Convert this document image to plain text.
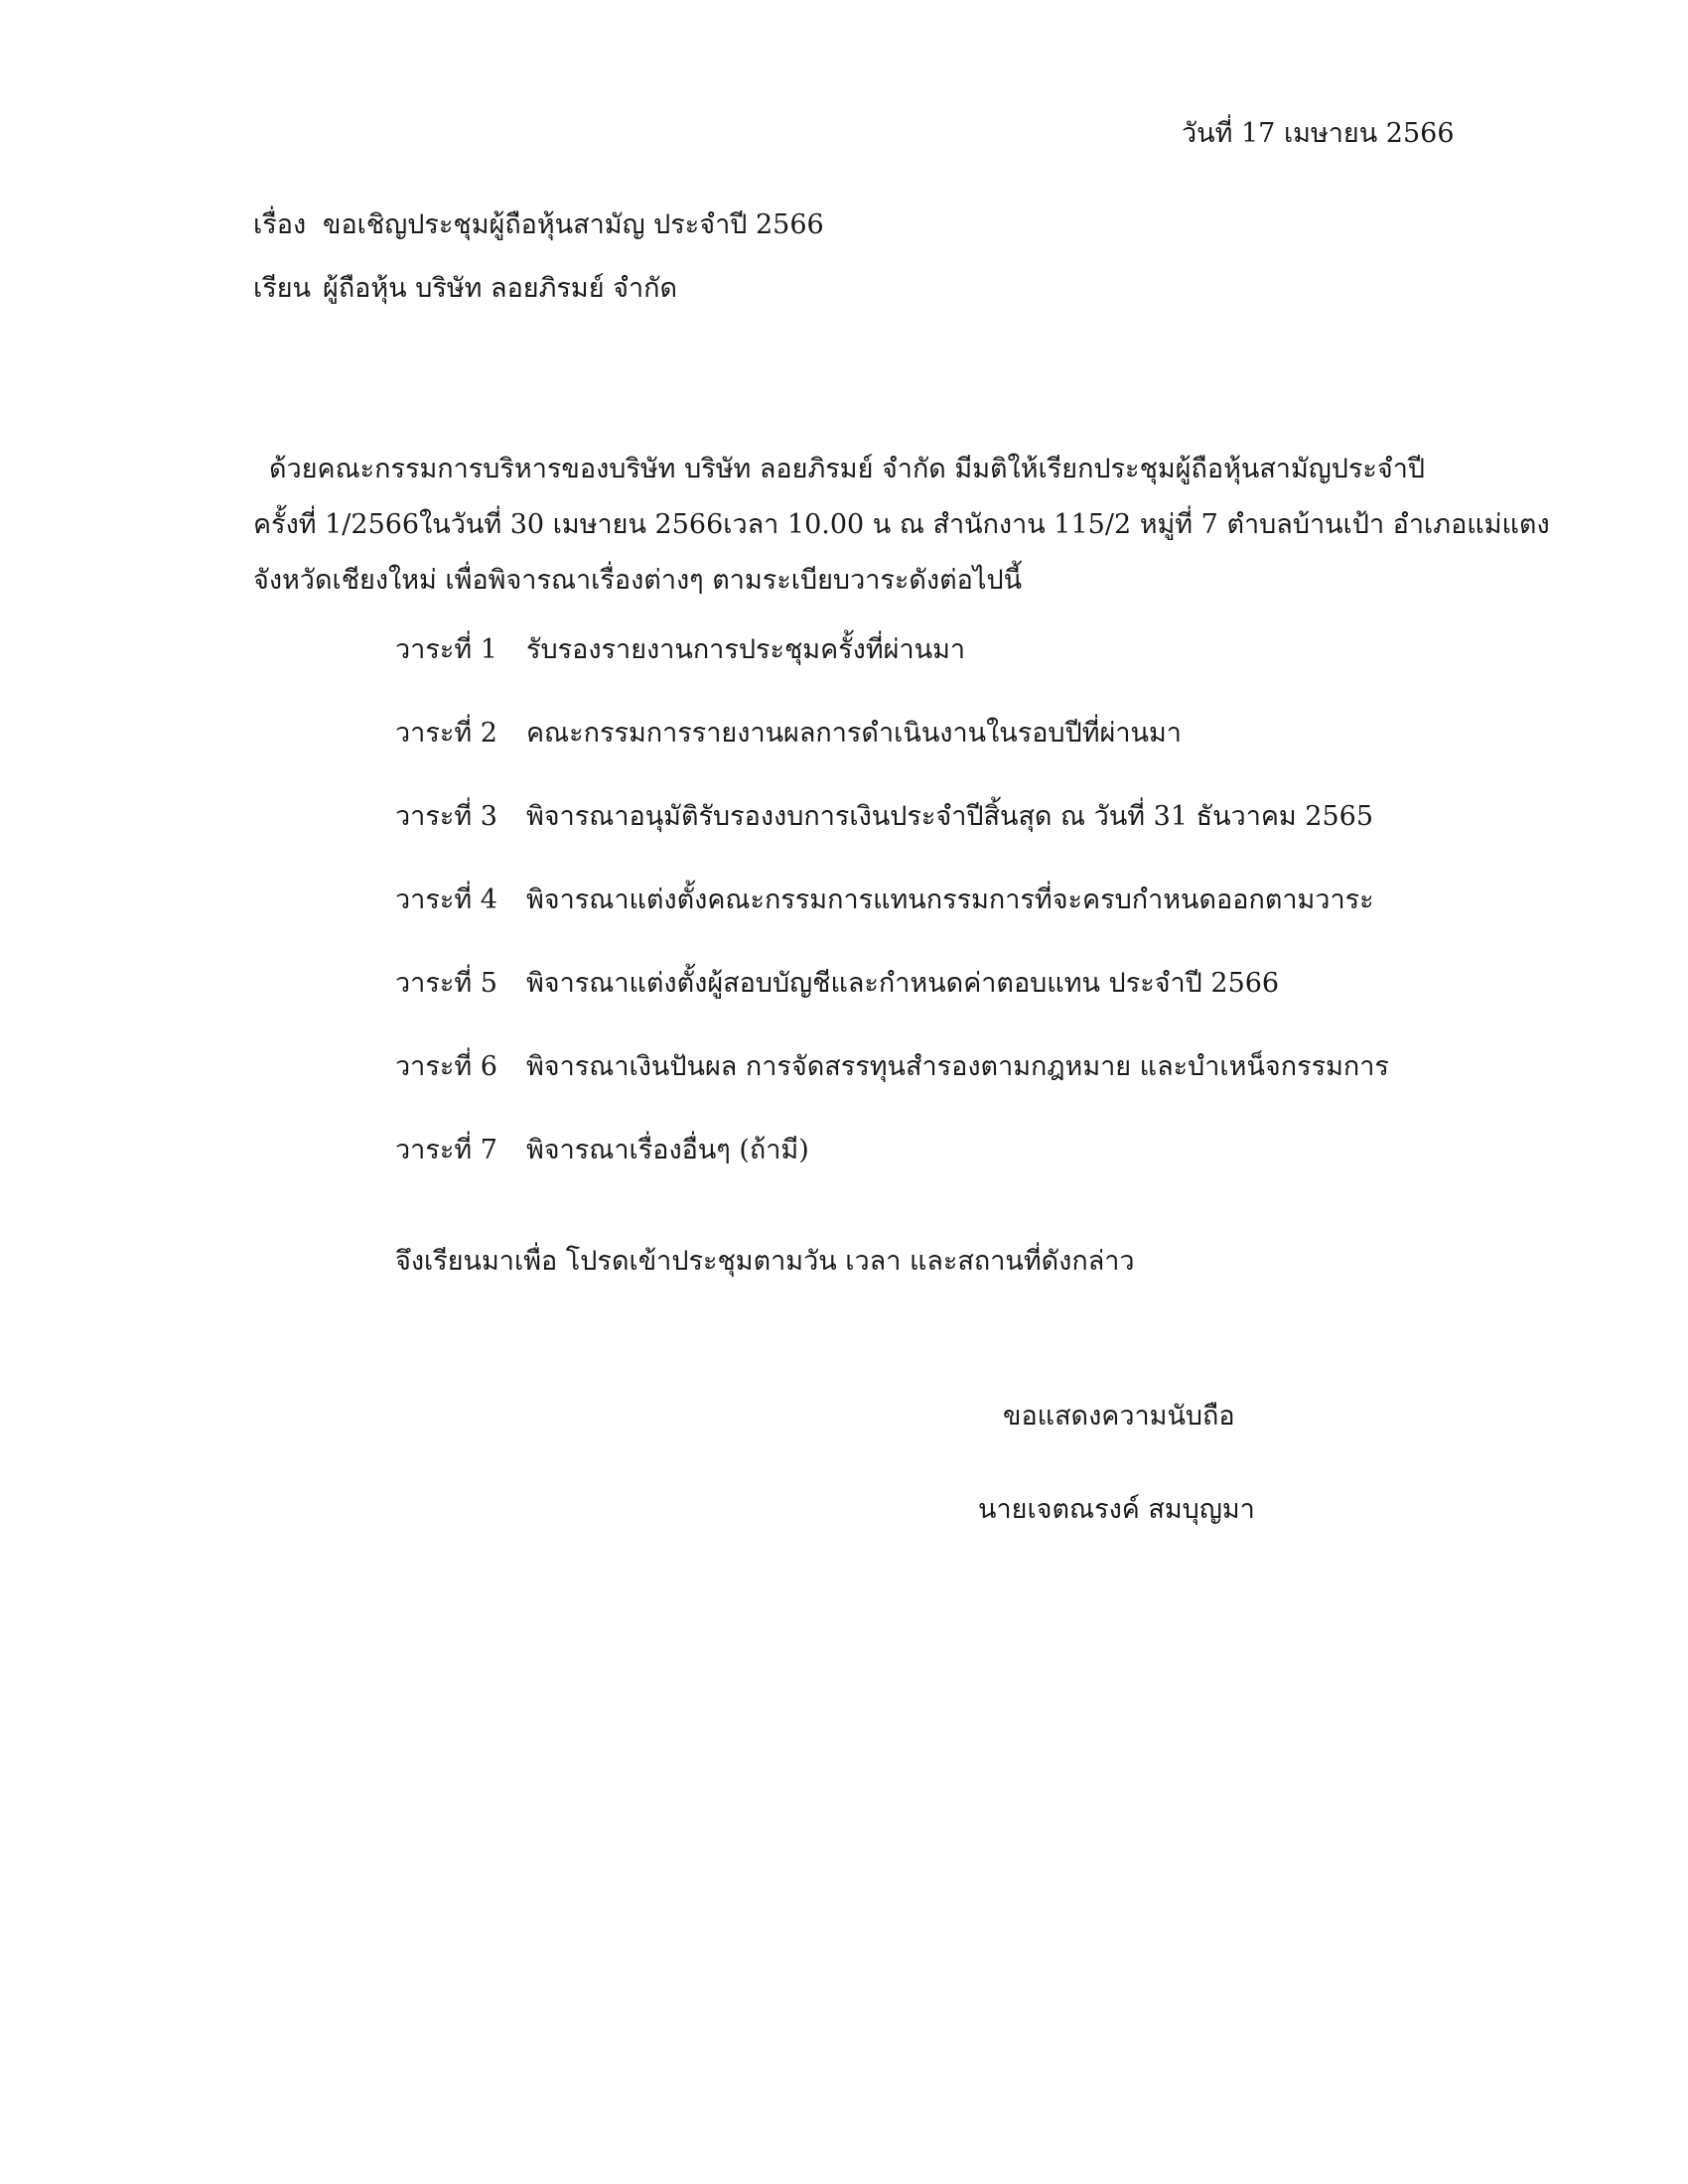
วันที่ 17 เมษายน 2566
เรื่อง ขอเชิญประชุมผู้ถือหุ้นสามัญ ประจำปี 2566
เรียน ผู้ถือหุ้น บริษัท ลอยภิรมย์ จำกัด
ด้วยคณะกรรมการบริหารของบริษัท บริษัท ลอยภิรมย์ จำกัด มีมติให้เรียกประชุมผู้ถือหุ้นสามัญประจำปี
ครั้งที่ 1/2566ในวันที่ 30 เมษายน 2566เวลา 10.00 น ณ สำนักงาน 115/2 หมู่ที่ 7 ตำบลบ้านเป้า อำเภอแม่แตง
จังหวัดเชียงใหม่ เพื่อพิจารณาเรื่องต่างๆ ตามระเบียบวาระดังต่อไปนี้
วาระที่ 1 รับรองรายงานการประชุมครั้งที่ผ่านมา
วาระที่ 2 คณะกรรมการรายงานผลการดำเนินงานในรอบปีที่ผ่านมา
วาระที่ 3 พิจารณาอนุมัติรับรองงบการเงินประจำปีสิ้นสุด ณ วันที่ 31 ธันวาคม 2565
วาระที่ 4 พิจารณาแต่งตั้งคณะกรรมการแทนกรรมการที่จะครบกำหนดออกตามวาระ
วาระที่ 5 พิจารณาแต่งตั้งผู้สอบบัญชีและกำหนดค่าตอบแทน ประจำปี 2566
วาระที่ 6 พิจารณาเงินปันผล การจัดสรรทุนสำรองตามกฎหมาย และบำเหน็จกรรมการ
วาระที่ 7 พิจารณาเรื่องอื่นๆ (ถ้ามี)
จึงเรียนมาเพื่อ โปรดเข้าประชุมตามวัน เวลา และสถานที่ดังกล่าว
ขอแสดงความนับถือ
นายเจตณรงค์ สมบุญมา
